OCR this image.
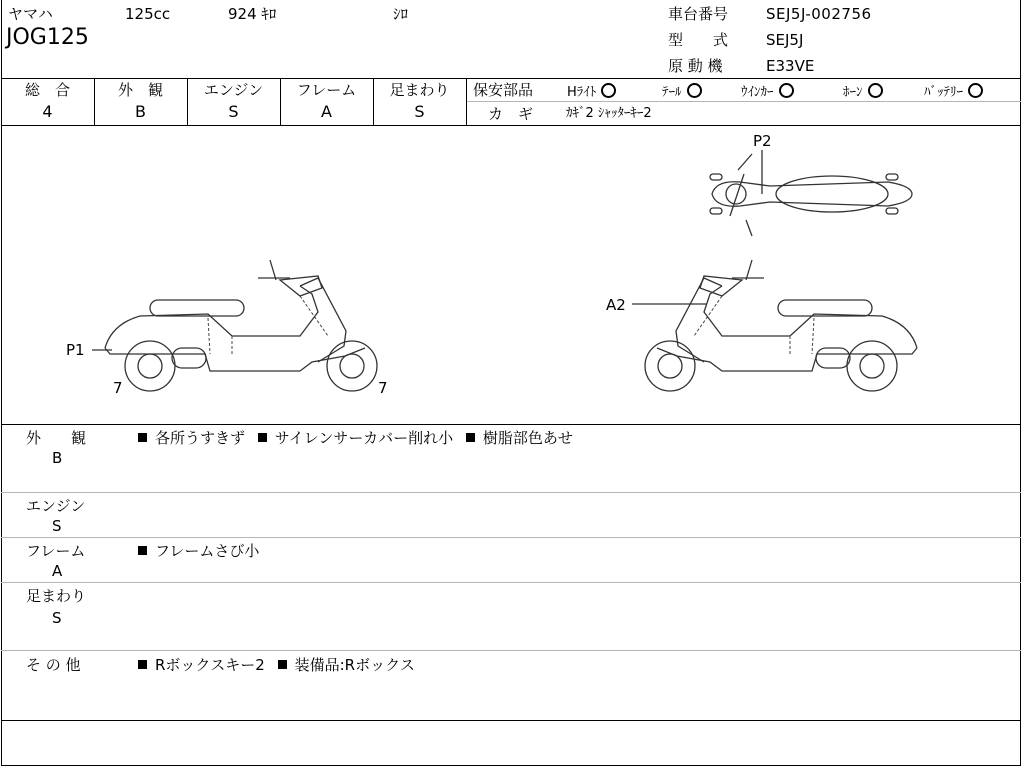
ヤマハ	125cc	924 ｷﾛ	ｼﾛ
JOG125
車台番号	SEJ5J-002756
型　　式	SEJ5J
原 動 機	E33VE
総　合
4
外　観
B
エンジン
S
フレーム
A
足まわり
S
保安部品	Hﾗｲﾄ	ﾃｰﾙ	ｳｲﾝｶｰ	ﾎｰﾝ	ﾊﾞｯﾃﾘｰ
カ　ギ	ｶｷﾞ2 ｼｬｯﾀｰｷｰ2
P2
P1
A2
7	7
外　　観
B
各所うすきず サイレンサーカバー削れ小 樹脂部色あせ
エンジン
S
フレーム
A
フレームさび小
足まわり
S
そ の 他	Rボックスキー2 装備品:Rボックス
